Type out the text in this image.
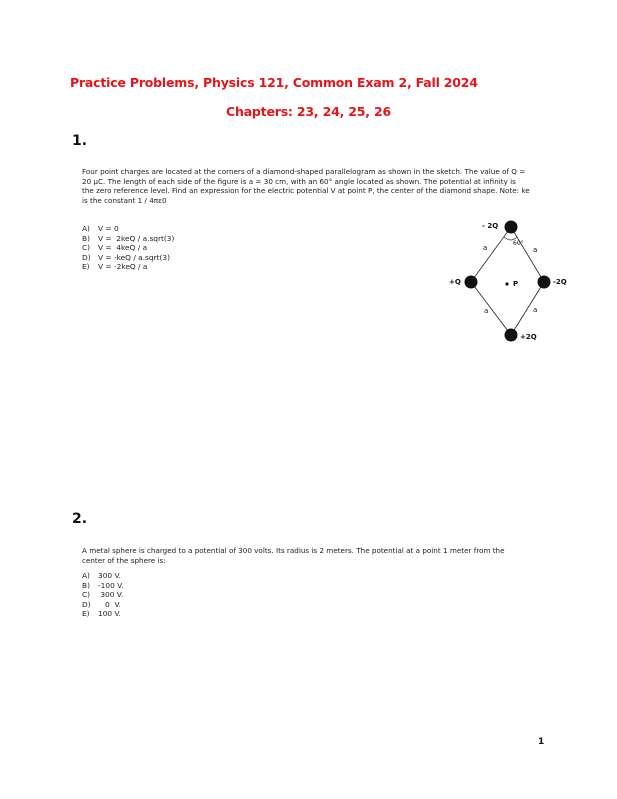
Practice Problems, Physics 121, Common Exam 2, Fall 2024
Chapters: 23, 24, 25, 26
1.
Four point charges are located at the corners of a diamond-shaped parallelogram as shown in the sketch. The value of Q =
20 μC. The length of each side of the figure is a = 30 cm, with an 60° angle located as shown. The potential at infinity is
the zero reference level. Find an expression for the electric potential V at point P, the center of the diamond shape. Note: ke
is the constant 1 / 4πε0
A) V = 0
B) V =  2keQ / a.sqrt(3)
C) V =  4keQ / a
D) V = -keQ / a.sqrt(3)
E) V = -2keQ / a
- 2Q
+Q	-2Q
+2Q
P
60°
a	a
a	a
2.
A metal sphere is charged to a potential of 300 volts. Its radius is 2 meters. The potential at a point 1 meter from the
center of the sphere is:
A) 300 V.
B) -100 V.
C) 300 V.
D)   0  V.
E) 100 V.
1
